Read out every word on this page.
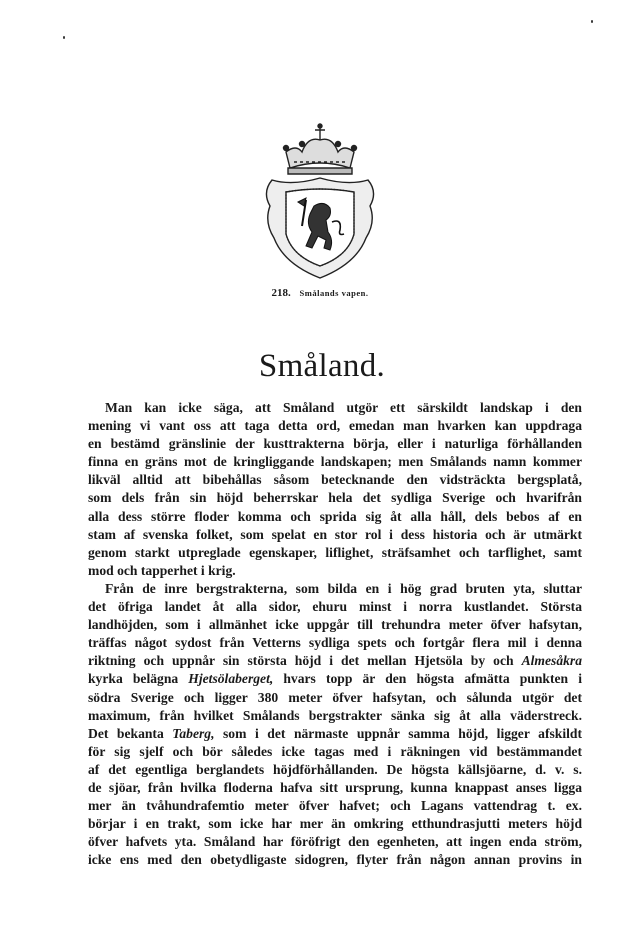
218. Smålands vapen.
Småland.
Man kan icke säga, att Småland utgör ett särskildt landskap i den
mening vi vant oss att taga detta ord, emedan man hvarken kan uppdraga
en bestämd gränslinie der kusttrakterna börja, eller i naturliga förhållanden
finna en gräns mot de kringliggande landskapen; men Smålands namn kommer
likväl alltid att bibehållas såsom betecknande den vidsträckta bergsplatå,
som dels från sin höjd beherrskar hela det sydliga Sverige och hvarifrån
alla dess större floder komma och sprida sig åt alla håll, dels bebos af en
stam af svenska folket, som spelat en stor rol i dess historia och är utmärkt
genom starkt utpreglade egenskaper, liflighet, sträfsamhet och tarflighet, samt
mod och tapperhet i krig.
Från de inre bergstrakterna, som bilda en i hög grad bruten yta, sluttar
det öfriga landet åt alla sidor, ehuru minst i norra kustlandet. Största
landhöjden, som i allmänhet icke uppgår till trehundra meter öfver hafsytan,
träffas något sydost från Vetterns sydliga spets och fortgår flera mil i denna
riktning och uppnår sin största höjd i det mellan Hjetsöla by och Almesåkra
kyrka belägna Hjetsölaberget, hvars topp är den högsta afmätta punkten i
södra Sverige och ligger 380 meter öfver hafsytan, och sålunda utgör det
maximum, från hvilket Smålands bergstrakter sänka sig åt alla väderstreck.
Det bekanta Taberg, som i det närmaste uppnår samma höjd, ligger afskildt
för sig sjelf och bör således icke tagas med i räkningen vid bestämmandet
af det egentliga berglandets höjdförhållanden. De högsta källsjöarne, d. v. s.
de sjöar, från hvilka floderna hafva sitt ursprung, kunna knappast anses ligga
mer än tvåhundrafemtio meter öfver hafvet; och Lagans vattendrag t. ex.
börjar i en trakt, som icke har mer än omkring etthundrasjutti meters höjd
öfver hafvets yta. Småland har föröfrigt den egenheten, att ingen enda ström,
icke ens med den obetydligaste sidogren, flyter från någon annan provins in
